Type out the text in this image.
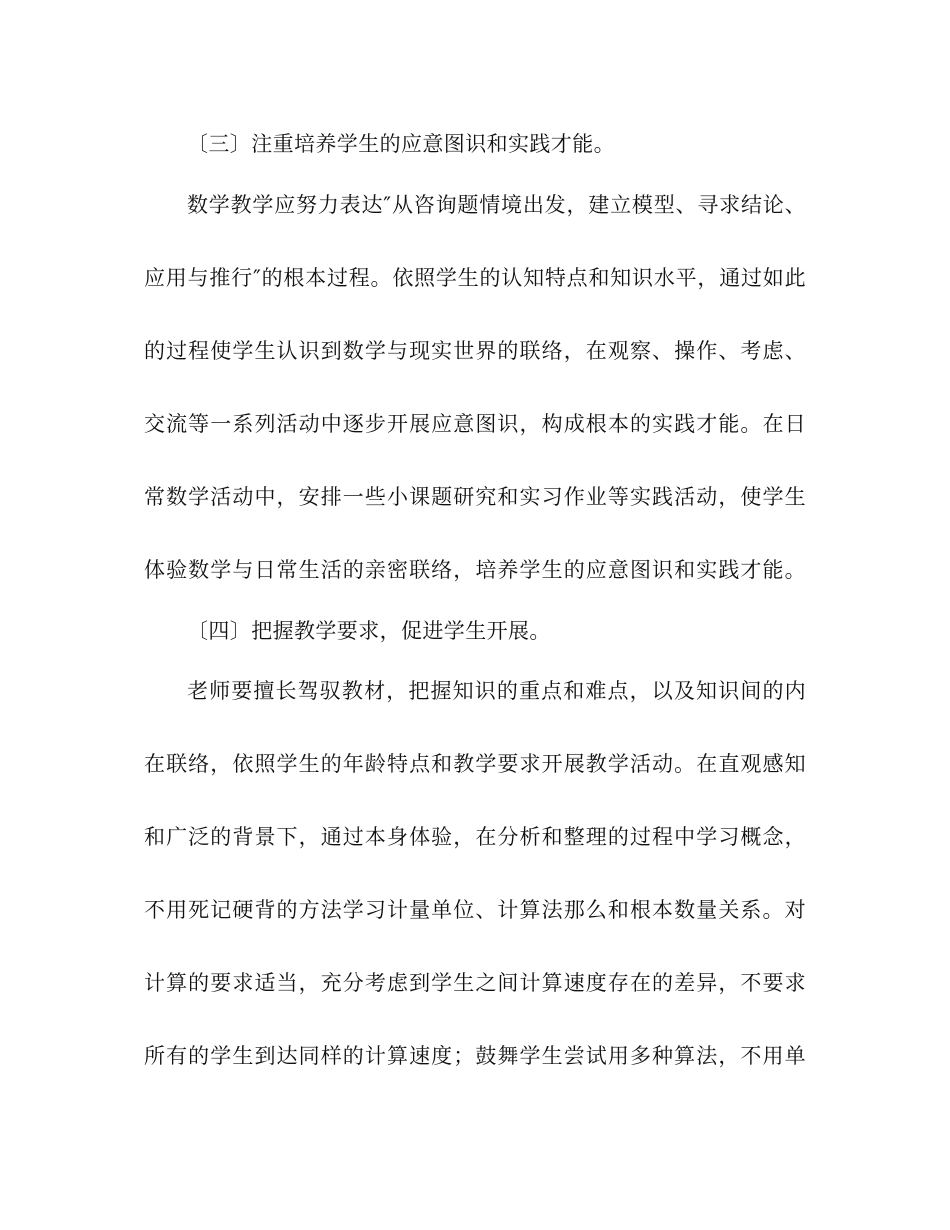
〔三〕注重培养学生的应意图识和实践才能。
数学教学应努力表达″从咨询题情境出发，建立模型、寻求结论、
应用与推行″的根本过程。依照学生的认知特点和知识水平，通过如此
的过程使学生认识到数学与现实世界的联络，在观察、操作、考虑、
交流等一系列活动中逐步开展应意图识，构成根本的实践才能。在日
常数学活动中，安排一些小课题研究和实习作业等实践活动，使学生
体验数学与日常生活的亲密联络，培养学生的应意图识和实践才能。
〔四〕把握教学要求，促进学生开展。
老师要擅长驾驭教材，把握知识的重点和难点，以及知识间的内
在联络，依照学生的年龄特点和教学要求开展教学活动。在直观感知
和广泛的背景下，通过本身体验，在分析和整理的过程中学习概念，
不用死记硬背的方法学习计量单位、计算法那么和根本数量关系。对
计算的要求适当，充分考虑到学生之间计算速度存在的差异，不要求
所有的学生到达同样的计算速度；鼓舞学生尝试用多种算法，不用单
